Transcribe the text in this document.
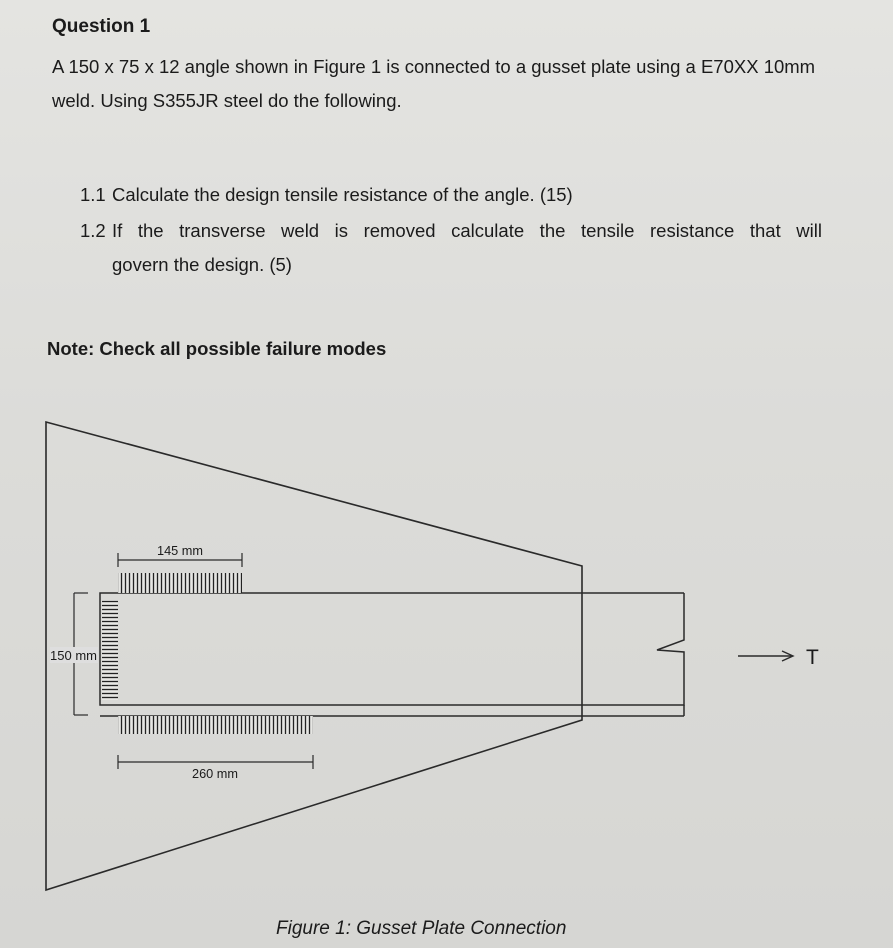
Question 1

A 150 x 75 x 12 angle shown in Figure 1 is connected to a gusset plate using a E70XX 10mm weld. Using S355JR steel do the following.

1.1 Calculate the design tensile resistance of the angle. (15)
1.2 If the transverse weld is removed calculate the tensile resistance that will
govern the design. (5)

Note: Check all possible failure modes

145 mm
260 mm
150 mm	T

Figure 1: Gusset Plate Connection
